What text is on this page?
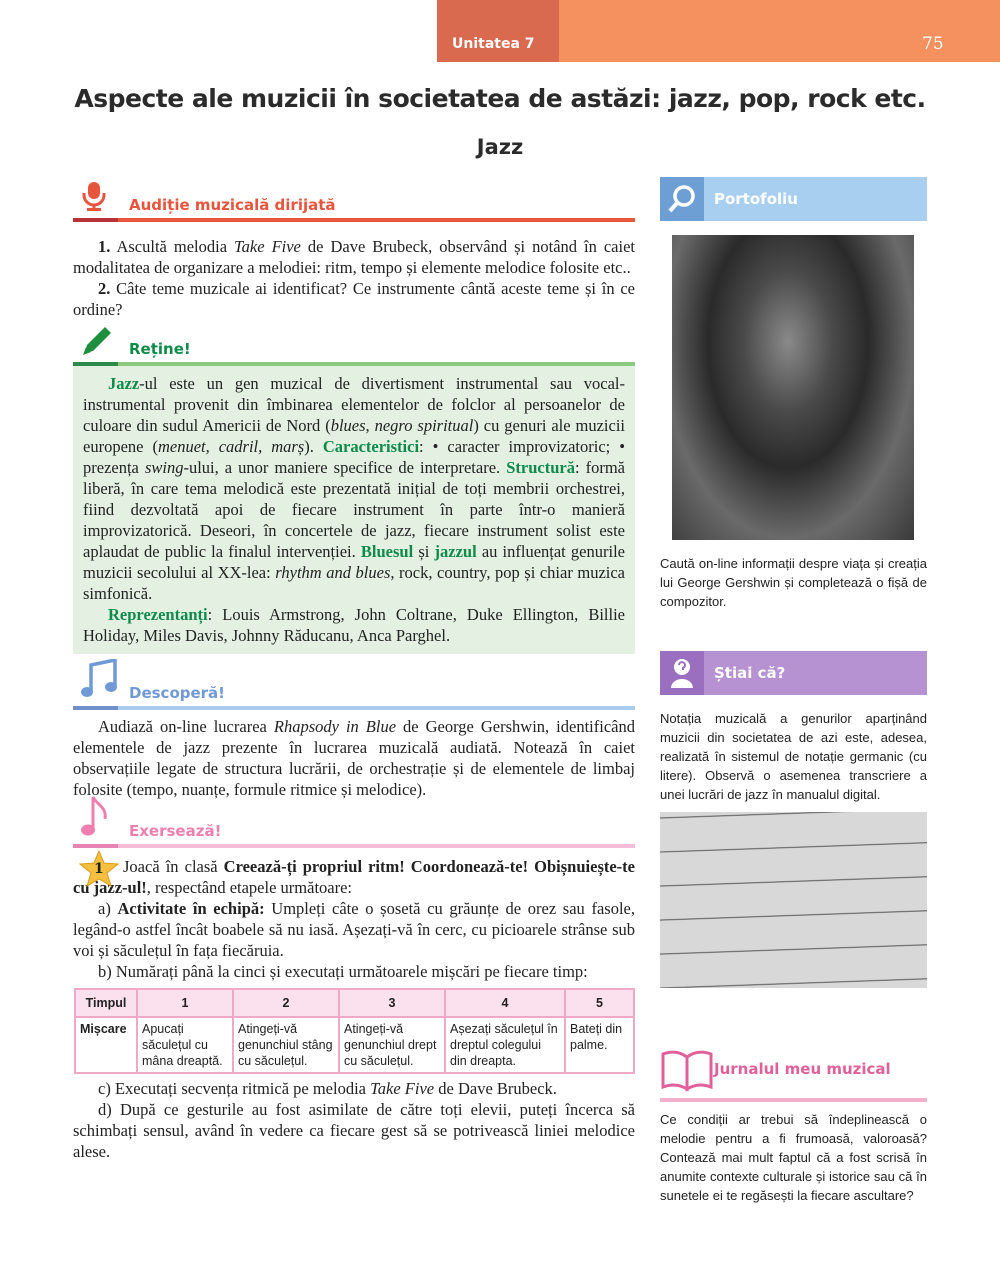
Unitatea 7	75
Aspecte ale muzicii în societatea de astăzi: jazz, pop, rock etc.
Jazz
Audiție muzicală dirijată

1. Ascultă melodia Take Five de Dave Brubeck, observând și notând în caiet modalitatea de organizare a melodiei: ritm, tempo și elemente melodice folosite etc..

2. Câte teme muzicale ai identificat? Ce instrumente cântă aceste teme și în ce ordine?

Reține!

Jazz-ul este un gen muzical de divertisment instrumental sau vocal-instrumental provenit din îmbinarea elementelor de folclor al persoanelor de culoare din sudul Americii de Nord (blues, negro spiritual) cu genuri ale muzicii europene (menuet, cadril, marș). Caracteristici: • caracter improvizatoric; • prezența swing-ului, a unor maniere specifice de interpretare. Structură: formă liberă, în care tema melodică este prezentată inițial de toți membrii orchestrei, fiind dezvoltată apoi de fiecare instrument în parte într-o manieră improvizatorică. Deseori, în concertele de jazz, fiecare instrument solist este aplaudat de public la finalul intervenției. Bluesul și jazzul au influențat genurile muzicii secolului al XX-lea: rhythm and blues, rock, country, pop și chiar muzica simfonică.

Reprezentanți: Louis Armstrong, John Coltrane, Duke Ellington, Billie Holiday, Miles Davis, Johnny Răducanu, Anca Parghel.

Descoperă!

Audiază on-line lucrarea Rhapsody in Blue de George Gershwin, identificând elementele de jazz prezente în lucrarea muzicală audiată. Notează în caiet observațiile legate de structura lucrării, de orchestrație și de elementele de limbaj folosite (tempo, nuanțe, formule ritmice și melodice).

Exersează!
1	Joacă în clasă Creează-ți propriul ritm! Coordonează-te! Obișnuiește-te cu jazz-ul!, respectând etapele următoare:

a) Activitate în echipă: Umpleți câte o șosetă cu grăunțe de orez sau fasole, legând-o astfel încât boabele să nu iasă. Așezați-vă în cerc, cu picioarele strânse sub voi și săculețul în fața fiecăruia.

b) Numărați până la cinci și executați următoarele mișcări pe fiecare timp:

Timpul	1	2	3	4	5
Mișcare	Apucați săculețul cu mâna dreaptă.	Atingeți-vă genunchiul stâng cu săculețul.	Atingeți-vă genunchiul drept cu săculețul.	Așezați săculețul în dreptul colegului din dreapta.	Bateți din palme.

c) Executați secvența ritmică pe melodia Take Five de Dave Brubeck.

d) După ce gesturile au fost asimilate de către toți elevii, puteți încerca să schimbați sensul, având în vedere ca fiecare gest să se potrivească liniei melodice alese.

Portofoliu
Caută on-line informații despre viața și creația lui George Gershwin și completează o fișă de compozitor.
Știai că?
Notația muzicală a genurilor aparținând muzicii din societatea de azi este, adesea, realizată în sistemul de notație germanic (cu litere). Observă o asemenea transcriere a unei lucrări de jazz în manualul digital.
Jurnalul meu muzical
Ce condiții ar trebui să îndeplinească o melodie pentru a fi frumoasă, valoroasă? Contează mai mult faptul că a fost scrisă în anumite contexte culturale și istorice sau că în sunetele ei te regăsești la fiecare ascultare?
